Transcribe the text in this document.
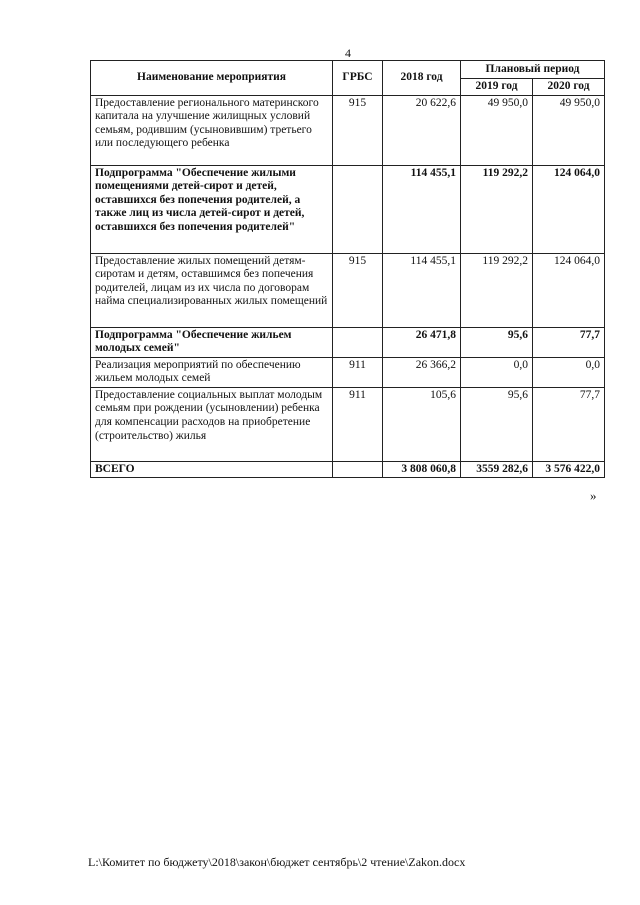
4
Наименование мероприятия	ГРБС	2018 год	Плановый период	
			2019 год	2020 год
Предоставление регионального материнского капитала на улучшение жилищных условий семьям, родившим (усыновившим) третьего или последующего ребенка	915	20 622,6	49 950,0	49 950,0
Подпрограмма "Обеспечение жилыми помещениями детей-сирот и детей, оставшихся без попечения родителей, а также лиц из числа детей-сирот и детей, оставшихся без попечения родителей"		114 455,1	119 292,2	124 064,0
Предоставление жилых помещений детям-сиротам и детям, оставшимся без попечения родителей, лицам из их числа по договорам найма специализированных жилых помещений	915	114 455,1	119 292,2	124 064,0
Подпрограмма "Обеспечение жильем молодых семей"		26 471,8	95,6	77,7
Реализация мероприятий по обеспечению жильем молодых семей	911	26 366,2	0,0	0,0
Предоставление социальных выплат молодым семьям при рождении (усыновлении) ребенка для компенсации расходов на приобретение (строительство) жилья	911	105,6	95,6	77,7
ВСЕГО		3 808 060,8	3559 282,6	3 576 422,0
»
L:\Комитет по бюджету\2018\закон\бюджет сентябрь\2 чтение\Zakon.docx
